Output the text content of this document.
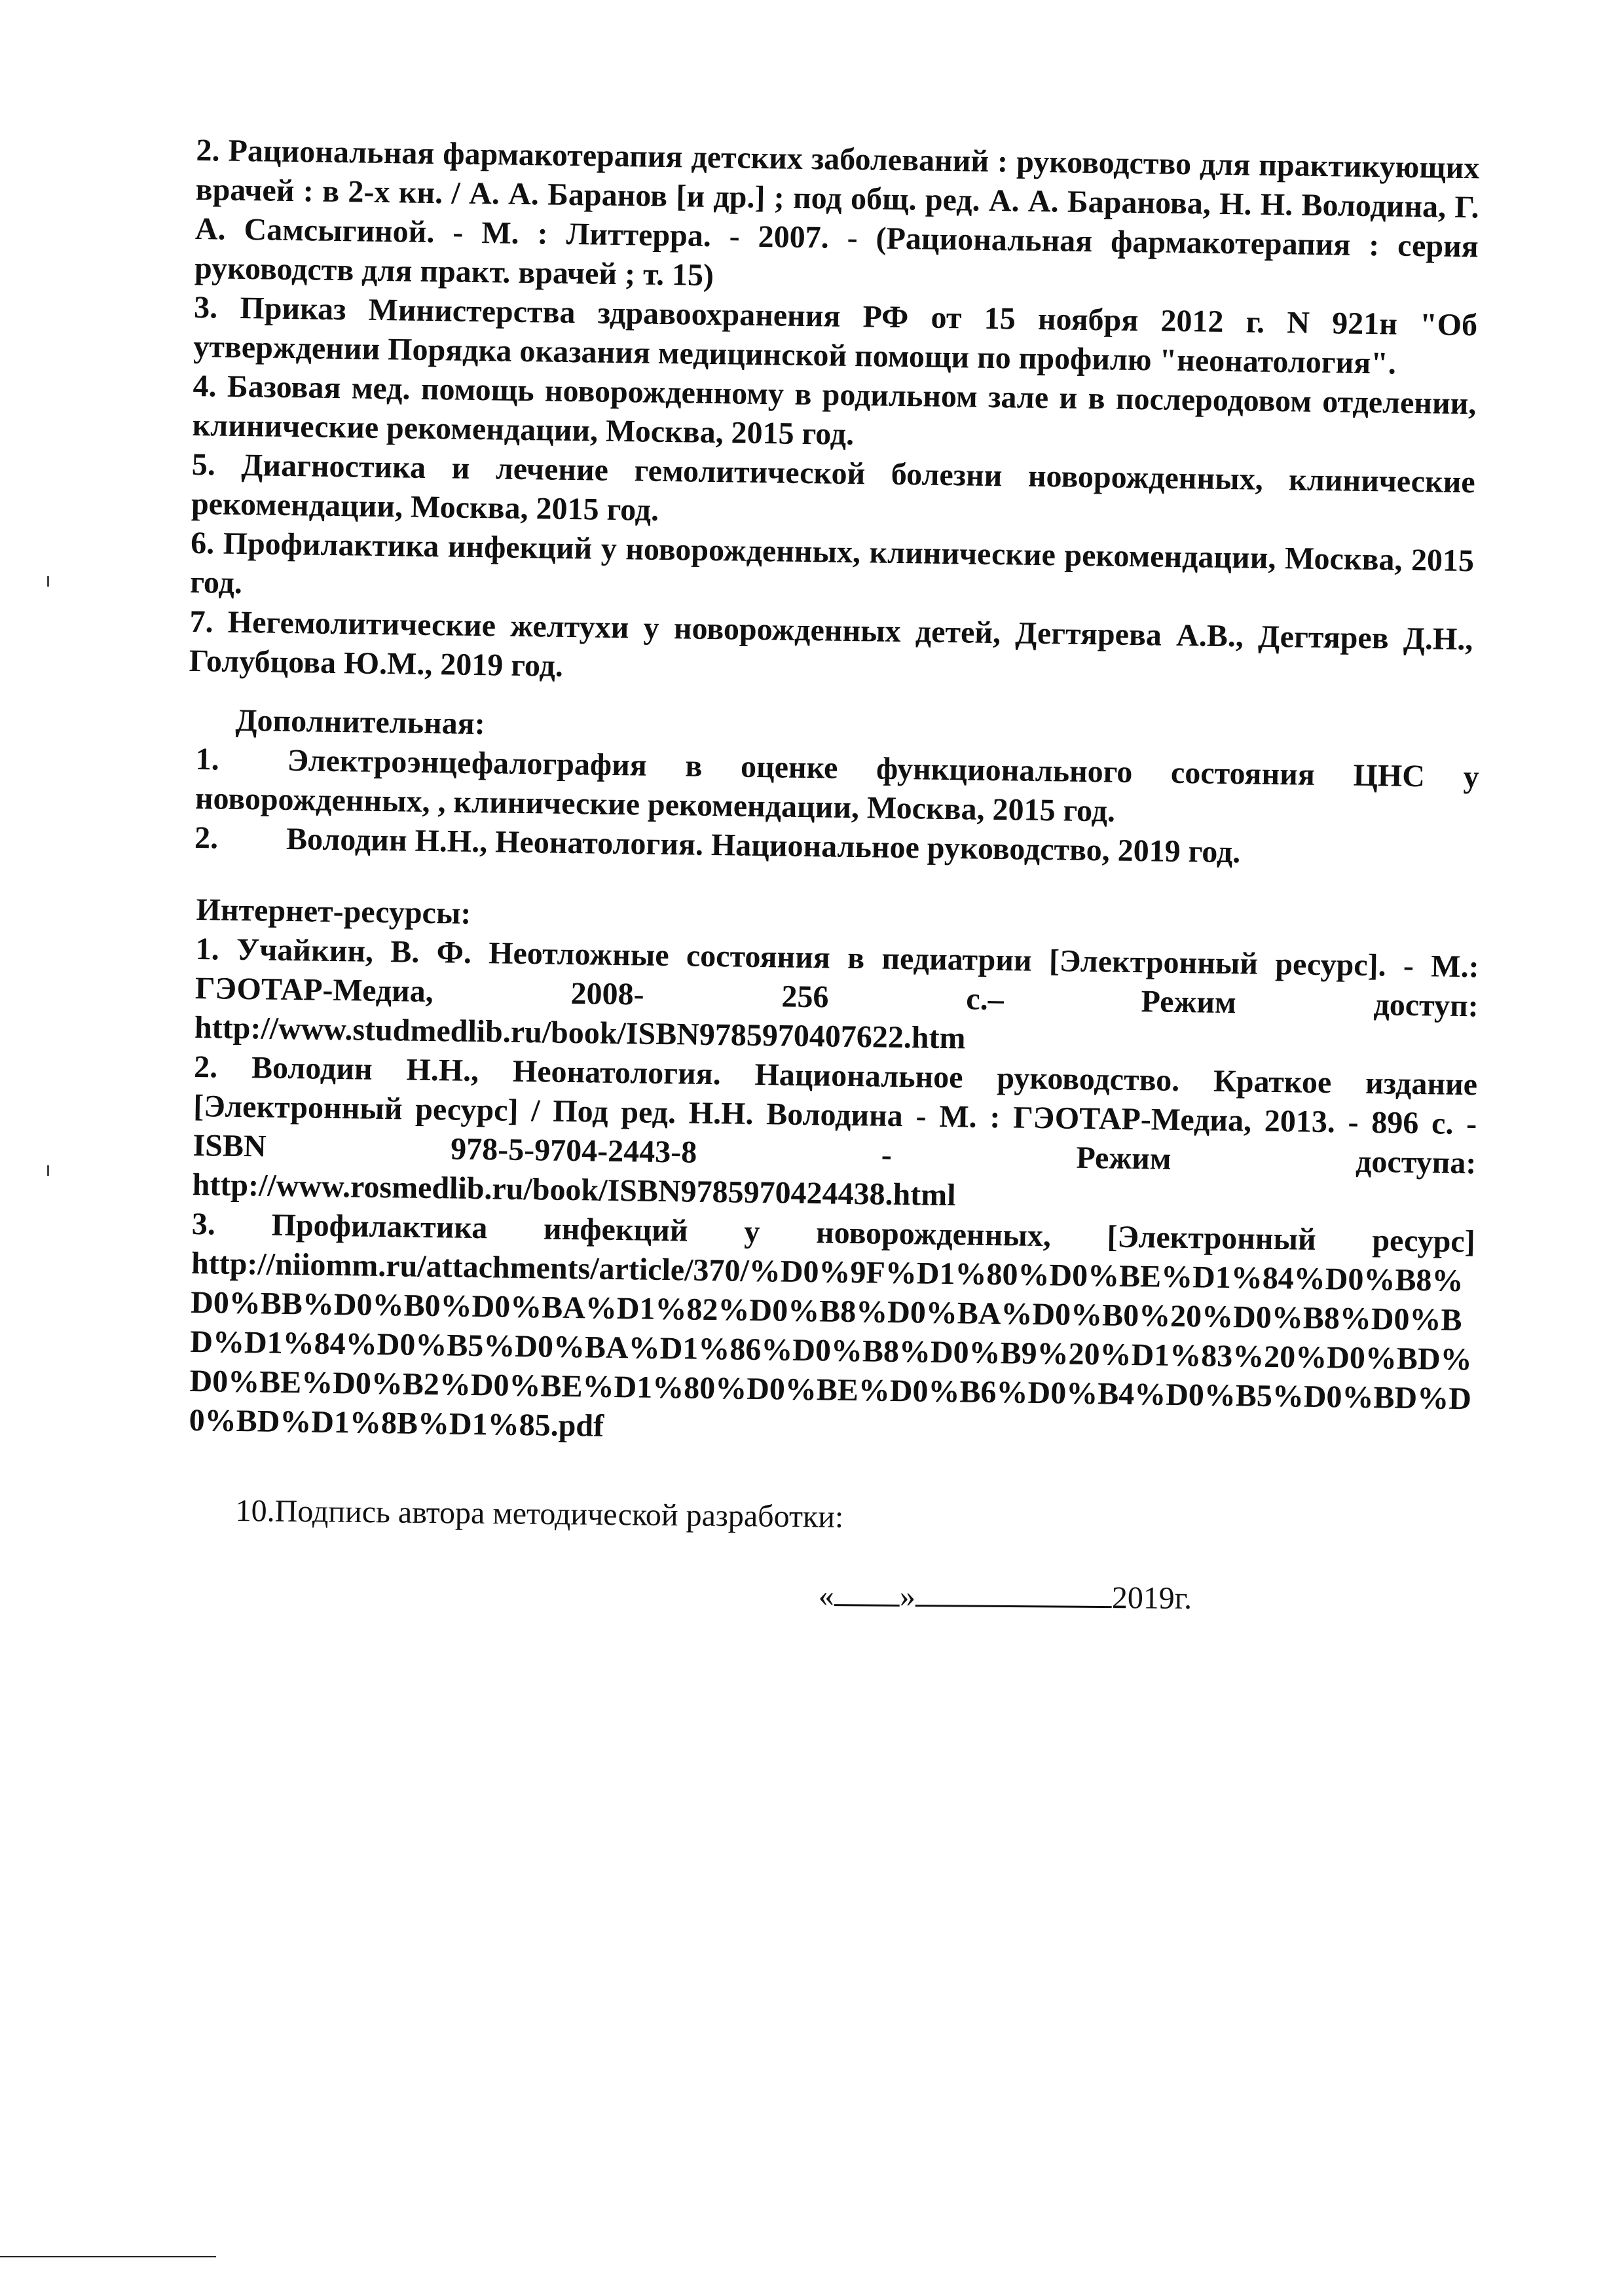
2. Рациональная фармакотерапия детских заболеваний : руководство для практикующих врачей : в 2-х кн. / А. А. Баранов [и др.] ; под общ. ред. А. А. Баранова, Н. Н. Володина, Г. А. Самсыгиной. - М. : Литтерра. - 2007. - (Рациональная фармакотерапия : серия руководств для практ. врачей ; т. 15)

3. Приказ Министерства здравоохранения РФ от 15 ноября 2012 г. N 921н "Об утверждении Порядка оказания медицинской помощи по профилю "неонатология".

4. Базовая мед. помощь новорожденному в родильном зале и в послеродовом отделении, клинические рекомендации, Москва, 2015 год.

5. Диагностика и лечение гемолитической болезни новорожденных, клинические рекомендации, Москва, 2015 год.

6. Профилактика инфекций у новорожденных, клинические рекомендации, Москва, 2015 год.

7. Негемолитические желтухи у новорожденных детей, Дегтярева А.В., Дегтярев Д.Н., Голубцова Ю.М., 2019 год.

Дополнительная:

1. Электроэнцефалография в оценке функционального состояния ЦНС у новорожденных, , клинические рекомендации, Москва, 2015 год.

2. Володин Н.Н., Неонатология. Национальное руководство, 2019 год.

Интернет-ресурсы:

1. Учайкин, В. Ф. Неотложные состояния в педиатрии [Электронный ресурс]. - М.: ГЭОТАР-Медиа, 2008- 256 с.– Режим доступ: http://www.studmedlib.ru/book/ISBN9785970407622.htm

2. Володин Н.Н., Неонатология. Национальное руководство. Краткое издание [Электронный ресурс] / Под ред. Н.Н. Володина - М. : ГЭОТАР-Медиа, 2013. - 896 с. - ISBN 978-5-9704-2443-8 - Режим доступа: http://www.rosmedlib.ru/book/ISBN9785970424438.html

3. Профилактика инфекций у новорожденных, [Электронный ресурс] http://niiomm.ru/attachments/article/370/%D0%9F%D1%80%D0%BE%D1%84%D0%B8%D0%BB%D0%B0%D0%BA%D1%82%D0%B8%D0%BA%D0%B0%20%D0%B8%D0%BD%D1%84%D0%B5%D0%BA%D1%86%D0%B8%D0%B9%20%D1%83%20%D0%BD%D0%BE%D0%B2%D0%BE%D1%80%D0%BE%D0%B6%D0%B4%D0%B5%D0%BD%D0%BD%D1%8B%D1%85.pdf

10.Подпись автора методической разработки:
« »	2019г.
